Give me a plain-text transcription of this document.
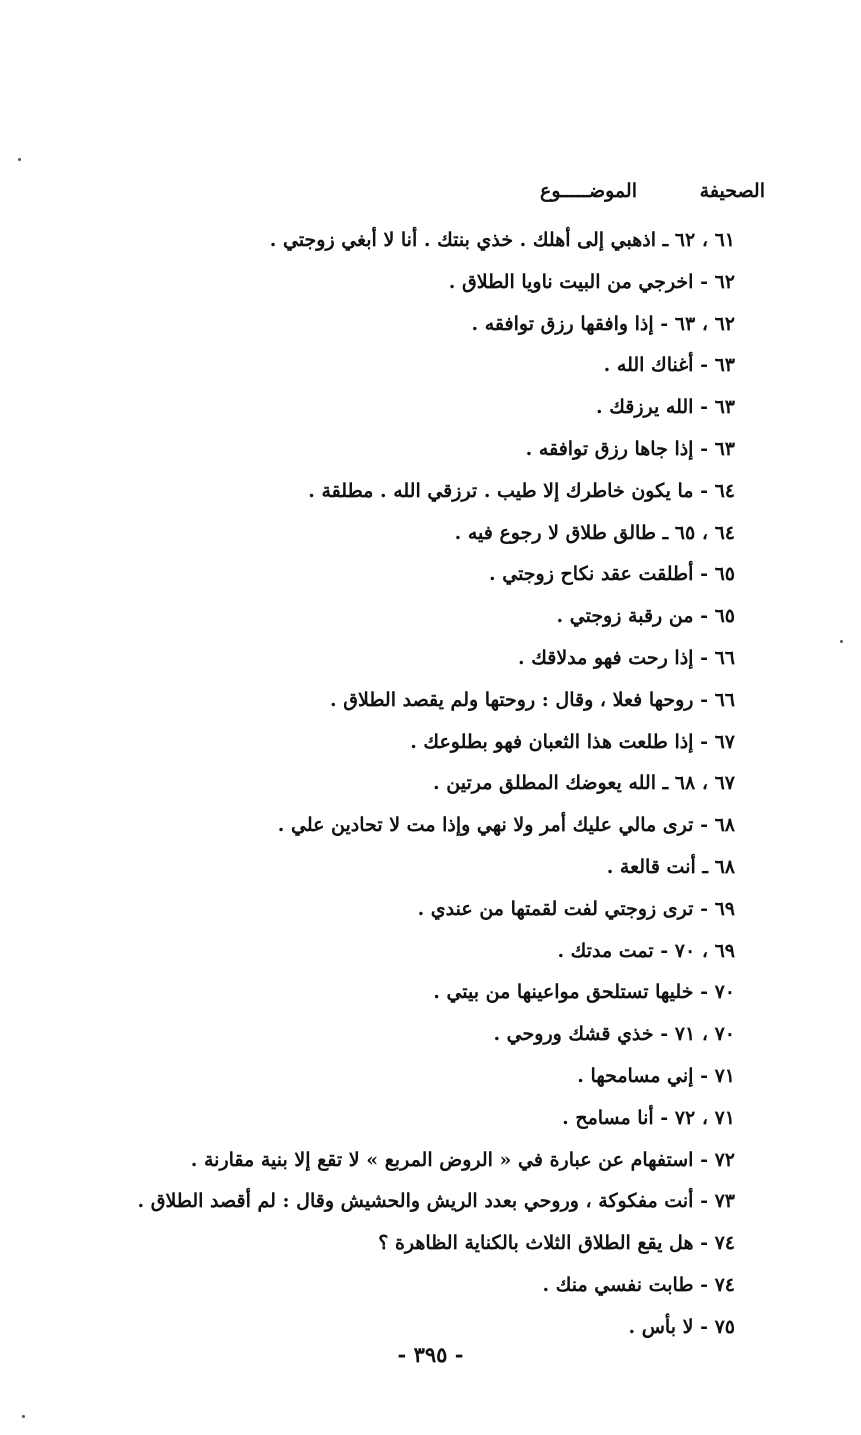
الصحيفة
الموضـــــوع
٦١ ، ٦٢ ـ اذهبي إلى أهلك . خذي بنتك . أنا لا أبغي زوجتي .
٦٢ - اخرجي من البيت ناويا الطلاق .
٦٢ ، ٦٣ - إذا وافقها رزق توافقه .
٦٣ - أغناك الله .
٦٣ - الله يرزقك .
٦٣ - إذا جاها رزق توافقه .
٦٤ - ما يكون خاطرك إلا طيب . ترزقي الله . مطلقة .
٦٤ ، ٦٥ ـ طالق طلاق لا رجوع فيه .
٦٥ - أطلقت عقد نكاح زوجتي .
٦٥ - من رقبة زوجتي .
٦٦ - إذا رحت فهو مدلاقك .
٦٦ - روحها فعلا ، وقال : روحتها ولم يقصد الطلاق .
٦٧ - إذا طلعت هذا الثعبان فهو بطلوعك .
٦٧ ، ٦٨ ـ الله يعوضك المطلق مرتين .
٦٨ - ترى مالي عليك أمر ولا نهي وإذا مت لا تحادين علي .
٦٨ ـ أنت قالعة .
٦٩ - ترى زوجتي لفت لقمتها من عندي .
٦٩ ، ٧٠ - تمت مدتك .
٧٠ - خليها تستلحق مواعينها من بيتي .
٧٠ ، ٧١ - خذي قشك وروحي .
٧١ - إني مسامحها .
٧١ ، ٧٢ - أنا مسامح .
٧٢ - استفهام عن عبارة في « الروض المربع » لا تقع إلا بنية مقارنة .
٧٣ - أنت مفكوكة ، وروحي بعدد الريش والحشيش وقال : لم أقصد الطلاق .
٧٤ - هل يقع الطلاق الثلاث بالكناية الظاهرة ؟
٧٤ - طابت نفسي منك .
٧٥ - لا بأس .
- ٣٩٥ -
